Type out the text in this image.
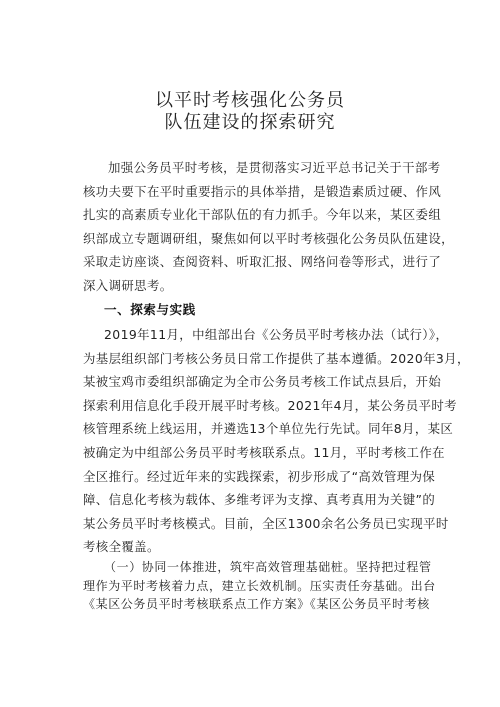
以平时考核强化公务员
队伍建设的探索研究
加强公务员平时考核，是贯彻落实习近平总书记关于干部考
核功夫要下在平时重要指示的具体举措，是锻造素质过硬、作风
扎实的高素质专业化干部队伍的有力抓手。今年以来，某区委组
织部成立专题调研组，聚焦如何以平时考核强化公务员队伍建设，
采取走访座谈、查阅资料、听取汇报、网络问卷等形式，进行了
深入调研思考。
一、探索与实践
2019年11月，中组部出台《公务员平时考核办法（试行）》，
为基层组织部门考核公务员日常工作提供了基本遵循。2020年3月，
某被宝鸡市委组织部确定为全市公务员考核工作试点县后，开始
探索利用信息化手段开展平时考核。2021年4月，某公务员平时考
核管理系统上线运用，并遴选13个单位先行先试。同年8月，某区
被确定为中组部公务员平时考核联系点。11月，平时考核工作在
全区推行。经过近年来的实践探索，初步形成了“高效管理为保
障、信息化考核为载体、多维考评为支撑、真考真用为关键”的
某公务员平时考核模式。目前，全区1300余名公务员已实现平时
考核全覆盖。
（一）协同一体推进，筑牢高效管理基础桩。坚持把过程管
理作为平时考核着力点，建立长效机制。压实责任夯基础。出台
《某区公务员平时考核联系点工作方案》《某区公务员平时考核
